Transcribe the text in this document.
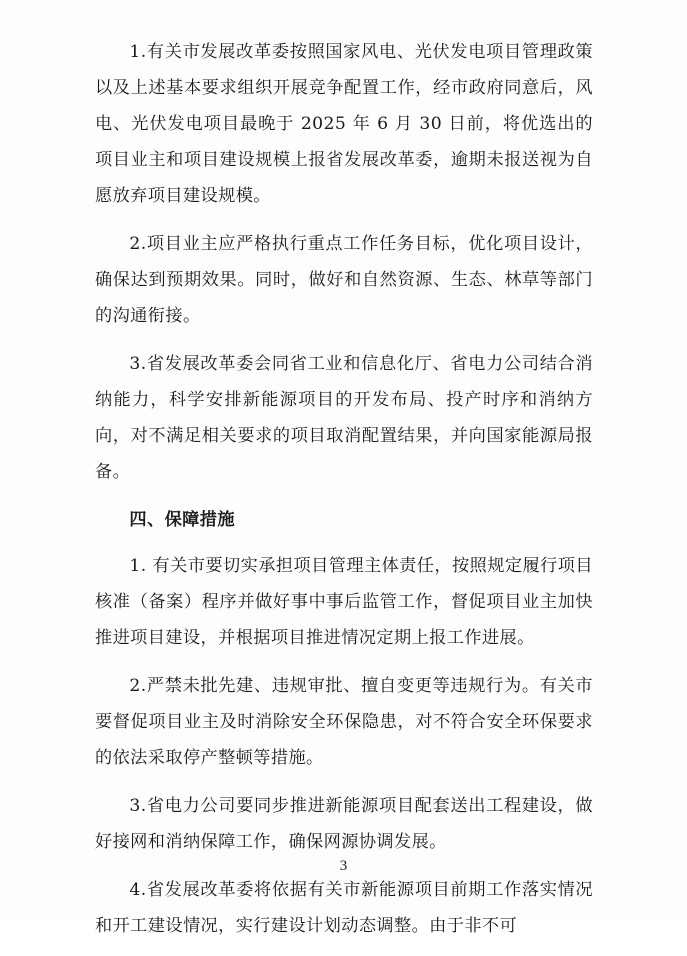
1.有关市发展改革委按照国家风电、光伏发电项目管理政策以及上述基本要求组织开展竞争配置工作，经市政府同意后，风电、光伏发电项目最晚于 2025 年 6 月 30 日前，将优选出的项目业主和项目建设规模上报省发展改革委，逾期未报送视为自愿放弃项目建设规模。

2.项目业主应严格执行重点工作任务目标，优化项目设计，确保达到预期效果。同时，做好和自然资源、生态、林草等部门的沟通衔接。

3.省发展改革委会同省工业和信息化厅、省电力公司结合消纳能力，科学安排新能源项目的开发布局、投产时序和消纳方向，对不满足相关要求的项目取消配置结果，并向国家能源局报备。

四、保障措施

1. 有关市要切实承担项目管理主体责任，按照规定履行项目核准（备案）程序并做好事中事后监管工作，督促项目业主加快推进项目建设，并根据项目推进情况定期上报工作进展。

2.严禁未批先建、违规审批、擅自变更等违规行为。有关市要督促项目业主及时消除安全环保隐患，对不符合安全环保要求的依法采取停产整顿等措施。

3.省电力公司要同步推进新能源项目配套送出工程建设，做好接网和消纳保障工作，确保网源协调发展。

4.省发展改革委将依据有关市新能源项目前期工作落实情况和开工建设情况，实行建设计划动态调整。由于非不可

3
